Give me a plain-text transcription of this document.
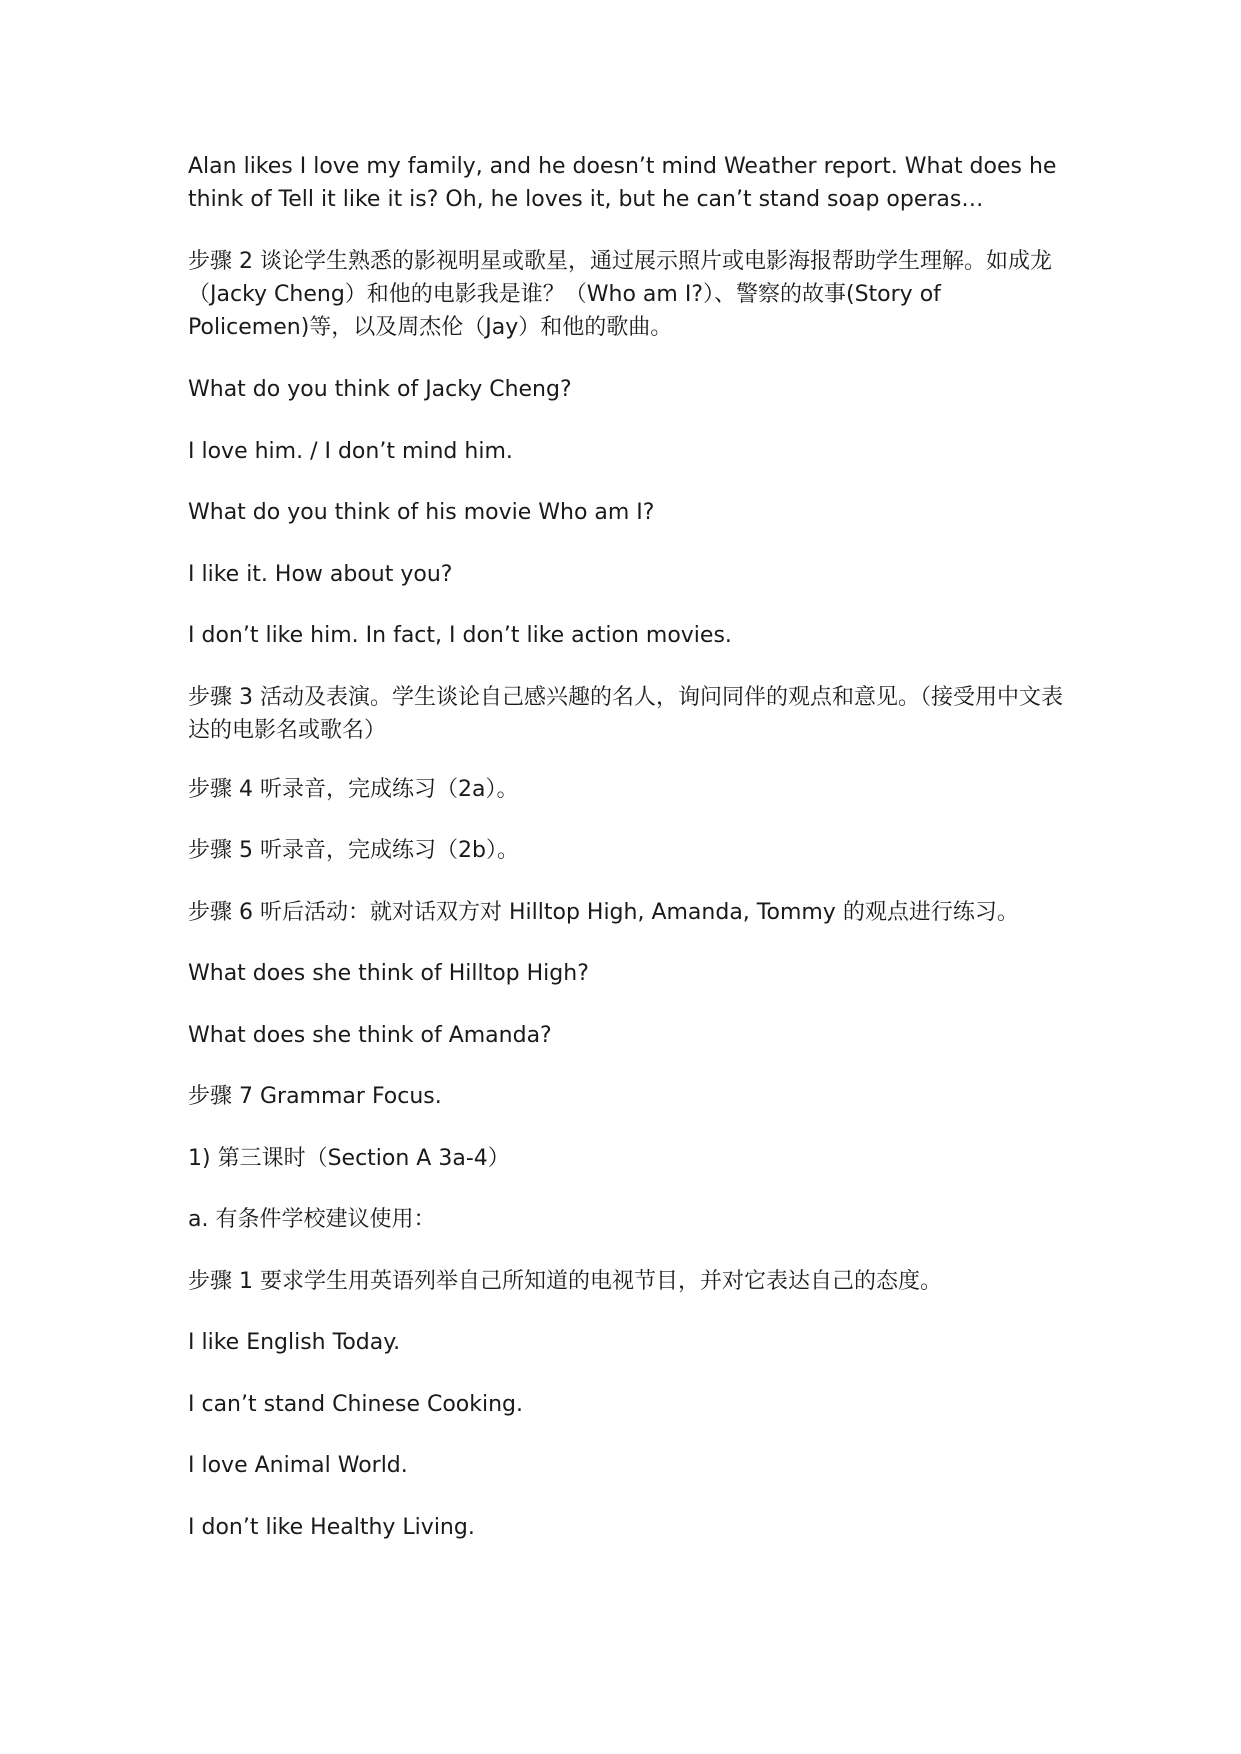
Alan likes I love my family, and he doesn’t mind Weather report. What does he think of Tell it like it is? Oh, he loves it, but he can’t stand soap operas…

步骤 2 谈论学生熟悉的影视明星或歌星，通过展示照片或电影海报帮助学生理解。如成龙（Jacky Cheng）和他的电影我是谁？（Who am I?）、警察的故事(Story of Policemen)等，以及周杰伦（Jay）和他的歌曲。

What do you think of Jacky Cheng?

I love him. / I don’t mind him.

What do you think of his movie Who am I?

I like it. How about you?

I don’t like him. In fact, I don’t like action movies.

步骤 3 活动及表演。学生谈论自己感兴趣的名人，询问同伴的观点和意见。（接受用中文表达的电影名或歌名）

步骤 4 听录音，完成练习（2a）。

步骤 5 听录音，完成练习（2b）。

步骤 6 听后活动：就对话双方对 Hilltop High, Amanda, Tommy 的观点进行练习。

What does she think of Hilltop High?

What does she think of Amanda?

步骤 7 Grammar Focus.

1) 第三课时（Section A 3a-4）

a. 有条件学校建议使用：

步骤 1 要求学生用英语列举自己所知道的电视节目，并对它表达自己的态度。

I like English Today.

I can’t stand Chinese Cooking.

I love Animal World.

I don’t like Healthy Living.
